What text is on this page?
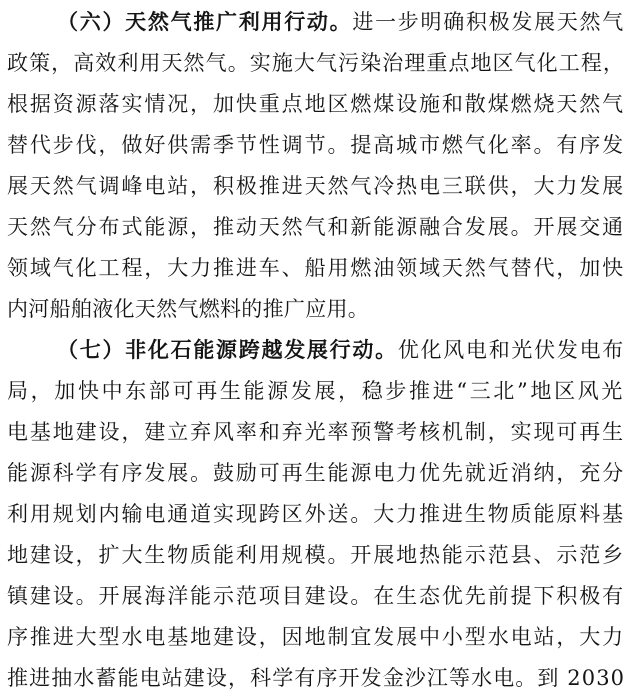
（六）天然气推广利用行动。进一步明确积极发展天然气

政策，高效利用天然气。实施大气污染治理重点地区气化工程，

根据资源落实情况，加快重点地区燃煤设施和散煤燃烧天然气

替代步伐，做好供需季节性调节。提高城市燃气化率。有序发

展天然气调峰电站，积极推进天然气冷热电三联供，大力发展

天然气分布式能源，推动天然气和新能源融合发展。开展交通

领域气化工程，大力推进车、船用燃油领域天然气替代，加快

内河船舶液化天然气燃料的推广应用。

（七）非化石能源跨越发展行动。优化风电和光伏发电布

局，加快中东部可再生能源发展，稳步推进“三北”地区风光

电基地建设，建立弃风率和弃光率预警考核机制，实现可再生

能源科学有序发展。鼓励可再生能源电力优先就近消纳，充分

利用规划内输电通道实现跨区外送。大力推进生物质能原料基

地建设，扩大生物质能利用规模。开展地热能示范县、示范乡

镇建设。开展海洋能示范项目建设。在生态优先前提下积极有

序推进大型水电基地建设，因地制宜发展中小型水电站，大力

推进抽水蓄能电站建设，科学有序开发金沙江等水电。到 2030
